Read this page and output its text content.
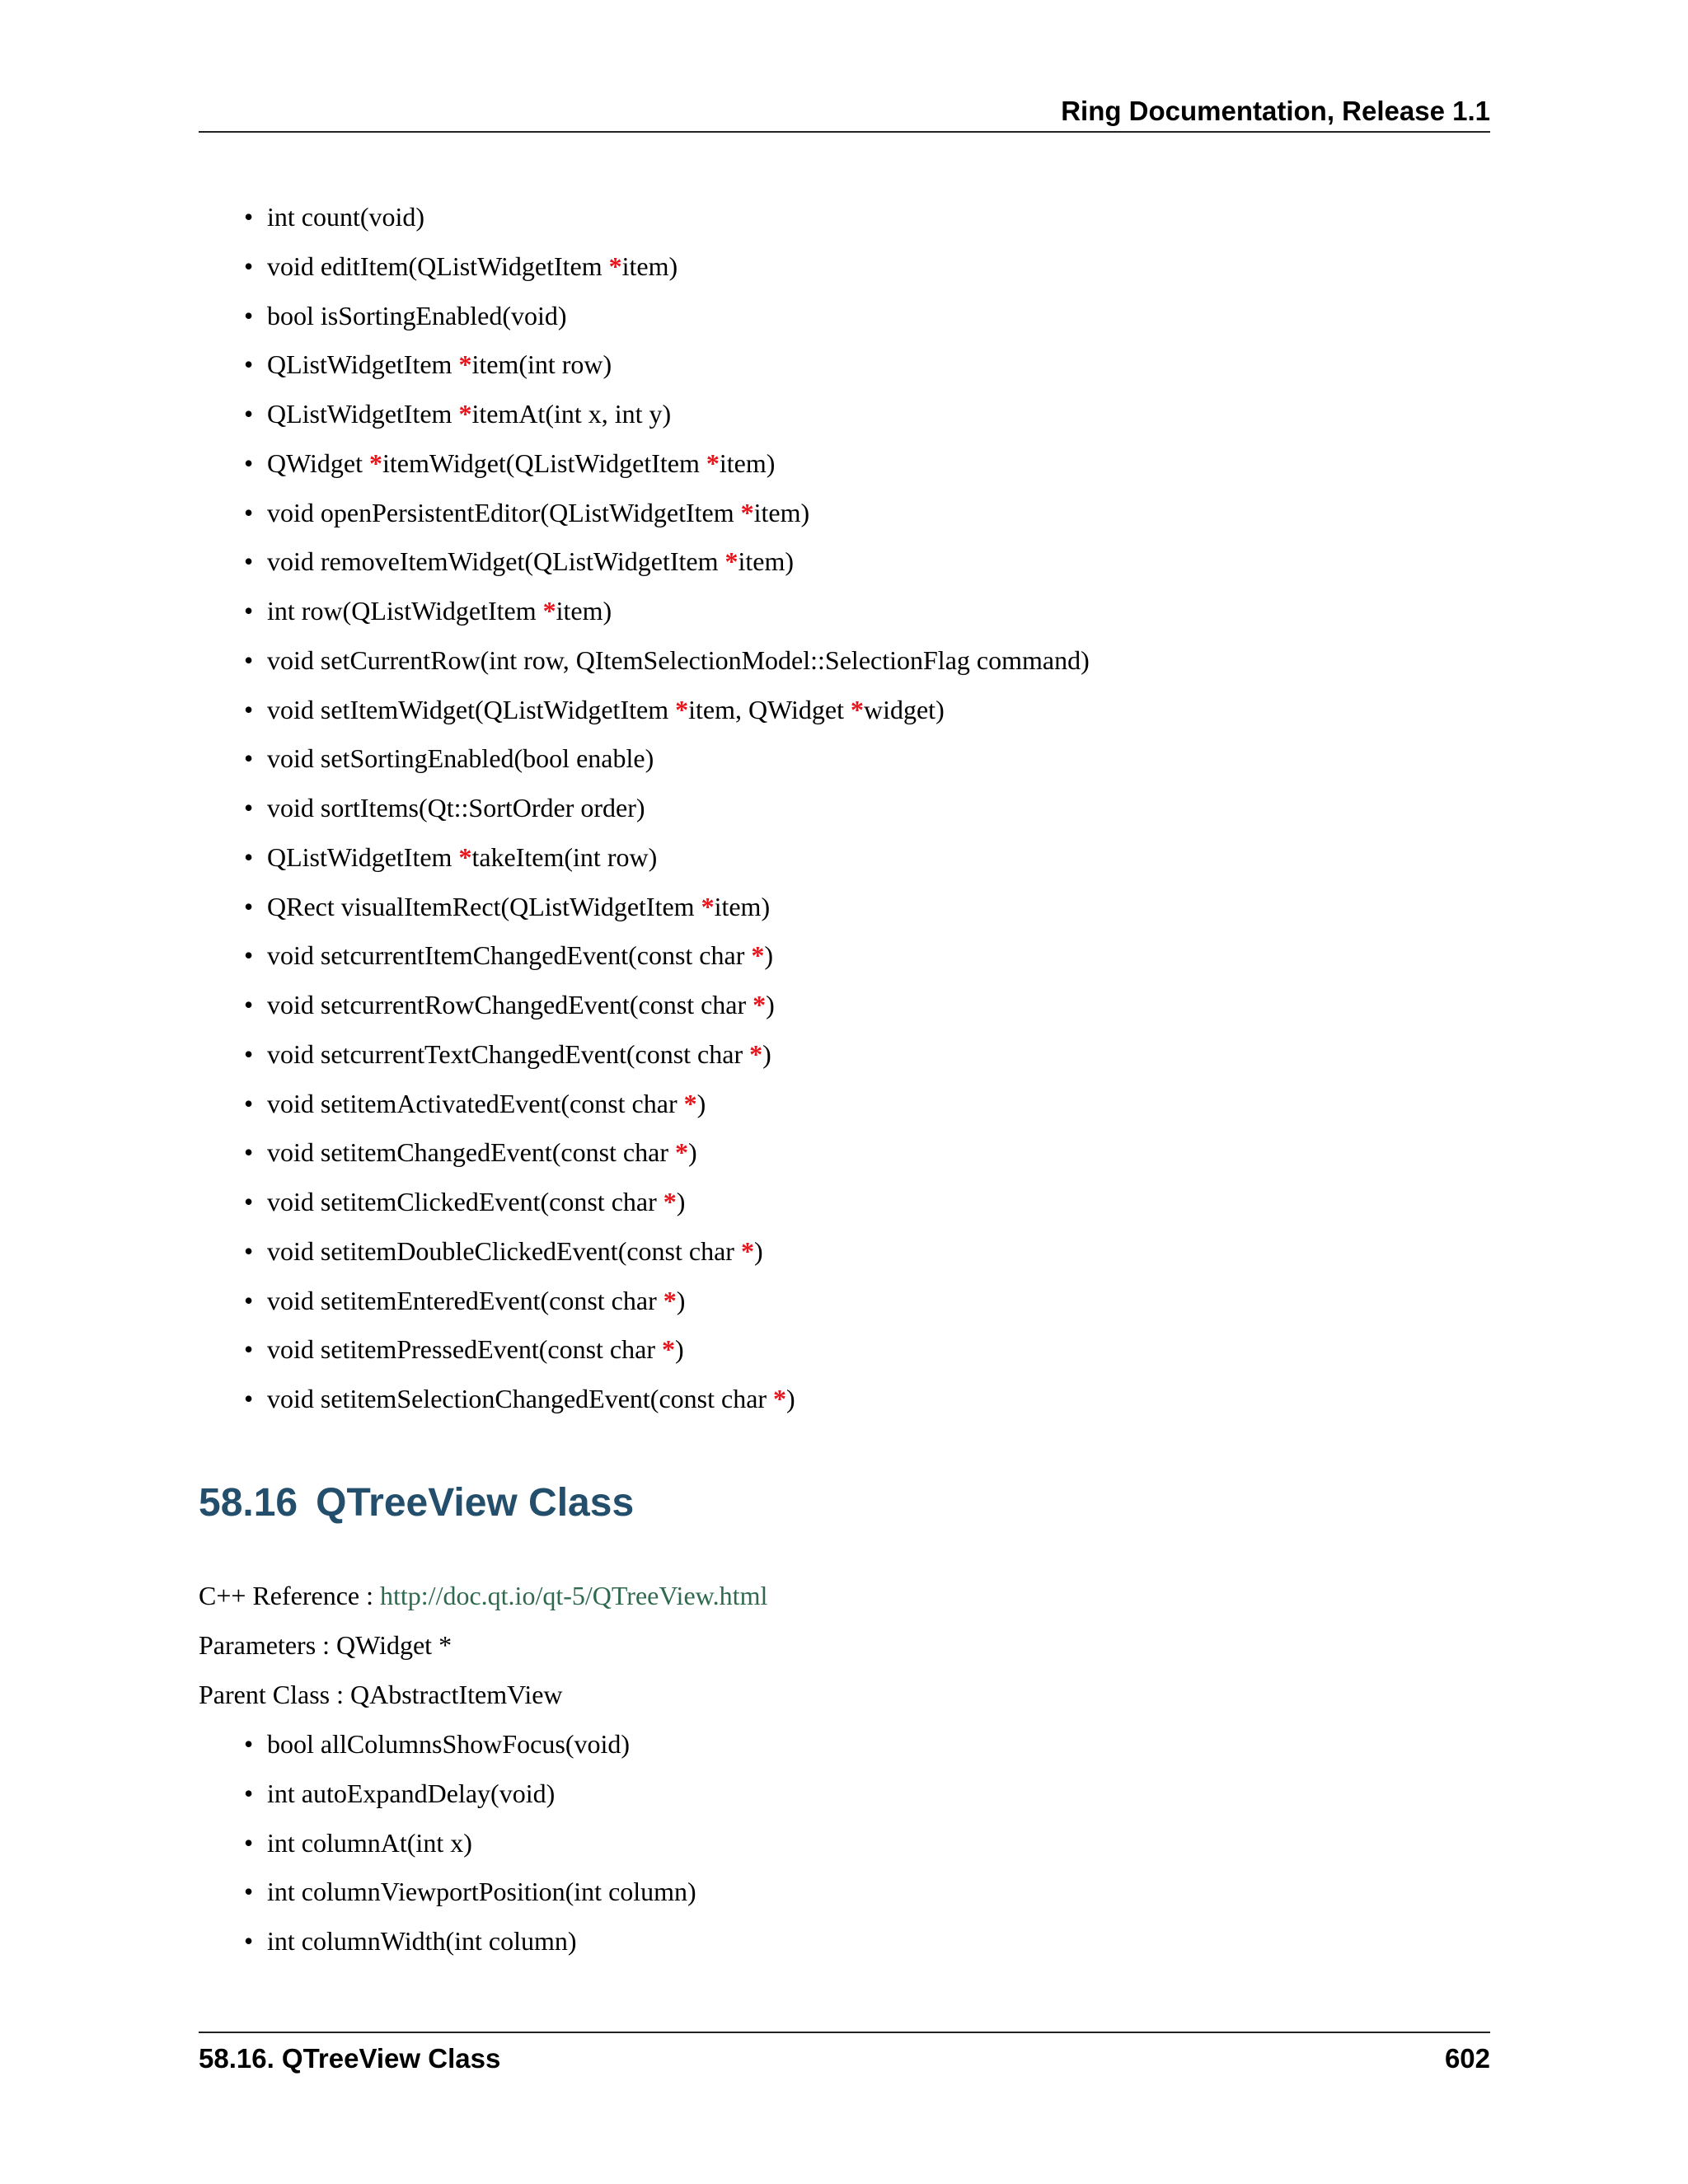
Ring Documentation, Release 1.1
• int count(void)
• void editItem(QListWidgetItem *item)
• bool isSortingEnabled(void)
• QListWidgetItem *item(int row)
• QListWidgetItem *itemAt(int x, int y)
• QWidget *itemWidget(QListWidgetItem *item)
• void openPersistentEditor(QListWidgetItem *item)
• void removeItemWidget(QListWidgetItem *item)
• int row(QListWidgetItem *item)
• void setCurrentRow(int row, QItemSelectionModel::SelectionFlag command)
• void setItemWidget(QListWidgetItem *item, QWidget *widget)
• void setSortingEnabled(bool enable)
• void sortItems(Qt::SortOrder order)
• QListWidgetItem *takeItem(int row)
• QRect visualItemRect(QListWidgetItem *item)
• void setcurrentItemChangedEvent(const char *)
• void setcurrentRowChangedEvent(const char *)
• void setcurrentTextChangedEvent(const char *)
• void setitemActivatedEvent(const char *)
• void setitemChangedEvent(const char *)
• void setitemClickedEvent(const char *)
• void setitemDoubleClickedEvent(const char *)
• void setitemEnteredEvent(const char *)
• void setitemPressedEvent(const char *)
• void setitemSelectionChangedEvent(const char *)
58.16 QTreeView Class
C++ Reference : http://doc.qt.io/qt-5/QTreeView.html
Parameters : QWidget *
Parent Class : QAbstractItemView
• bool allColumnsShowFocus(void)
• int autoExpandDelay(void)
• int columnAt(int x)
• int columnViewportPosition(int column)
• int columnWidth(int column)
58.16. QTreeView Class	602
